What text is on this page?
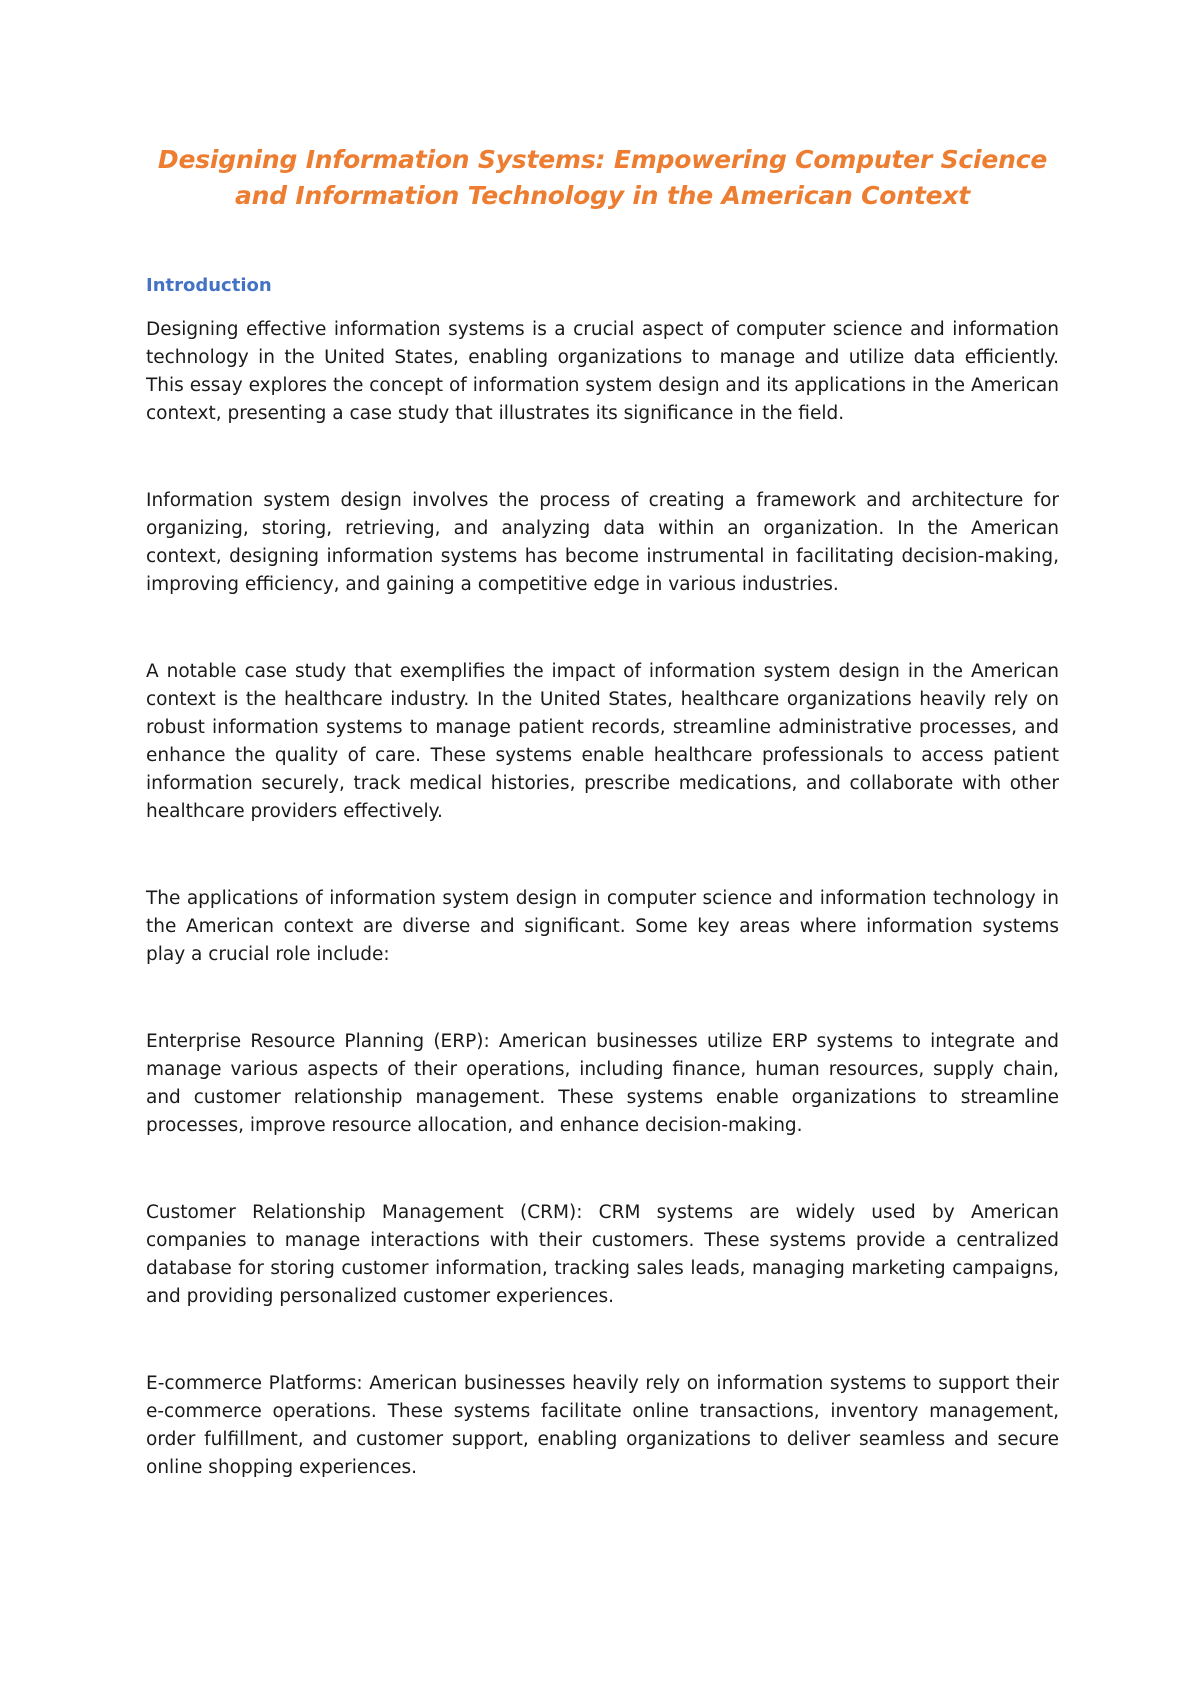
Designing Information Systems: Empowering Computer Science
and Information Technology in the American Context
Introduction

Designing effective information systems is a crucial aspect of computer science and information technology in the United States, enabling organizations to manage and utilize data efficiently. This essay explores the concept of information system design and its applications in the American context, presenting a case study that illustrates its significance in the field.

Information system design involves the process of creating a framework and architecture for organizing, storing, retrieving, and analyzing data within an organization. In the American context, designing information systems has become instrumental in facilitating decision-making, improving efficiency, and gaining a competitive edge in various industries.

A notable case study that exemplifies the impact of information system design in the American context is the healthcare industry. In the United States, healthcare organizations heavily rely on robust information systems to manage patient records, streamline administrative processes, and enhance the quality of care. These systems enable healthcare professionals to access patient information securely, track medical histories, prescribe medications, and collaborate with other healthcare providers effectively.

The applications of information system design in computer science and information technology in the American context are diverse and significant. Some key areas where information systems play a crucial role include:

Enterprise Resource Planning (ERP): American businesses utilize ERP systems to integrate and manage various aspects of their operations, including finance, human resources, supply chain, and customer relationship management. These systems enable organizations to streamline processes, improve resource allocation, and enhance decision-making.

Customer Relationship Management (CRM): CRM systems are widely used by American companies to manage interactions with their customers. These systems provide a centralized database for storing customer information, tracking sales leads, managing marketing campaigns, and providing personalized customer experiences.

E-commerce Platforms: American businesses heavily rely on information systems to support their e-commerce operations. These systems facilitate online transactions, inventory management, order fulfillment, and customer support, enabling organizations to deliver seamless and secure online shopping experiences.
